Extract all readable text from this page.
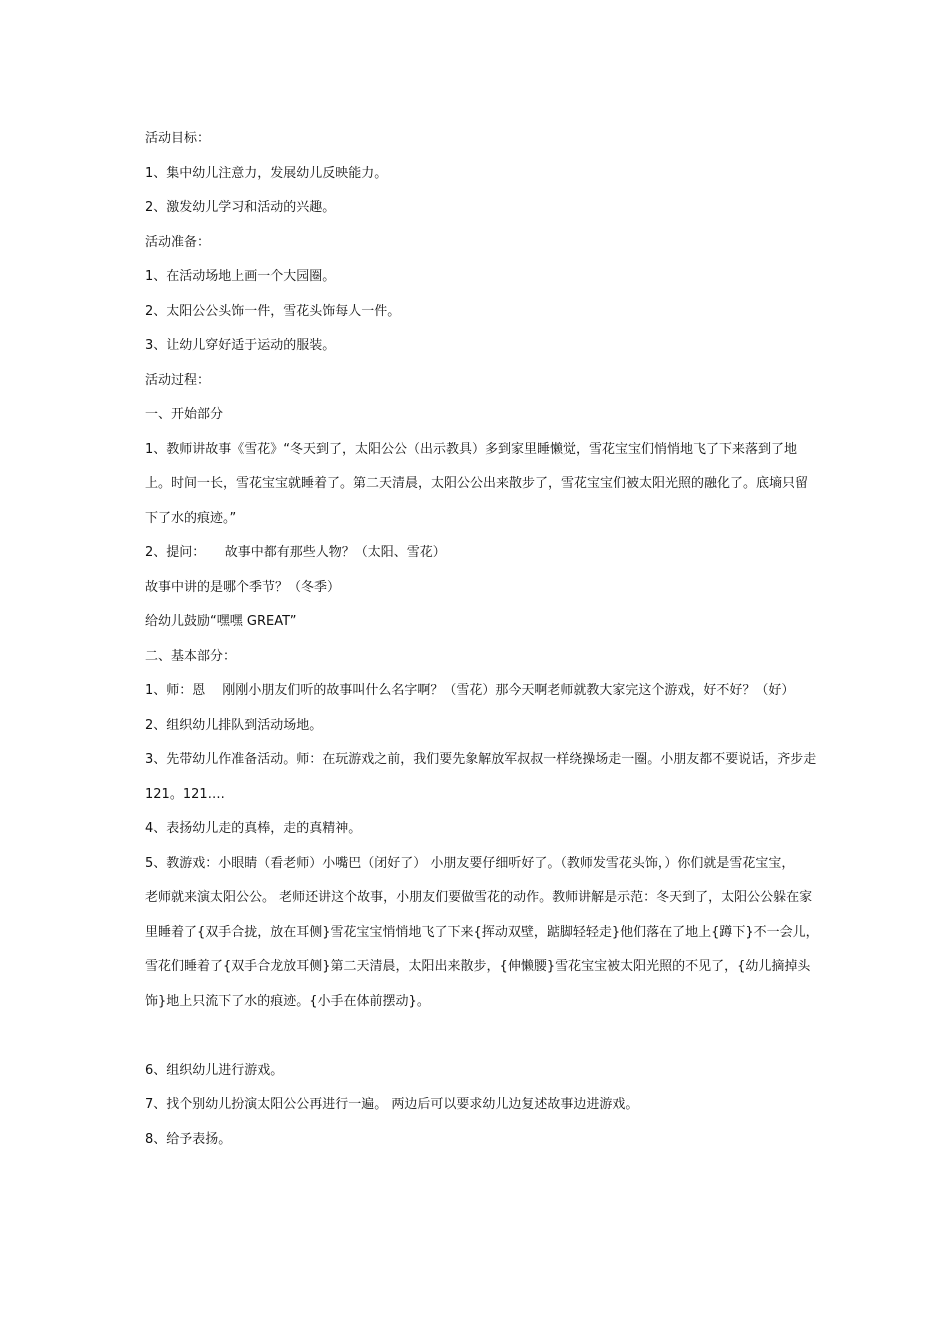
活动目标：

1、集中幼儿注意力，发展幼儿反映能力。

2、激发幼儿学习和活动的兴趣。

活动准备：

1、在活动场地上画一个大园圈。

2、太阳公公头饰一件，雪花头饰每人一件。

3、让幼儿穿好适于运动的服装。

活动过程：

一、开始部分

1、教师讲故事《雪花》“冬天到了，太阳公公（出示教具）多到家里睡懒觉，雪花宝宝们悄悄地飞了下来落到了地上。时间一长，雪花宝宝就睡着了。第二天清晨，太阳公公出来散步了，雪花宝宝们被太阳光照的融化了。底墒只留下了水的痕迹。”

2、提问：　　故事中都有那些人物？（太阳、雪花）

故事中讲的是哪个季节？（冬季）

给幼儿鼓励“嘿嘿 GREAT”

二、基本部分：

1、师：恩　 刚刚小朋友们听的故事叫什么名字啊？（雪花）那今天啊老师就教大家完这个游戏，好不好？（好）

2、组织幼儿排队到活动场地。

3、先带幼儿作准备活动。师：在玩游戏之前，我们要先象解放军叔叔一样绕操场走一圈。小朋友都不要说话，齐步走 121。121….

4、表扬幼儿走的真棒，走的真精神。

5、教游戏：小眼睛（看老师）小嘴巴（闭好了） 小朋友要仔细听好了。（教师发雪花头饰，）你们就是雪花宝宝，　　老师就来演太阳公公。 老师还讲这个故事，小朋友们要做雪花的动作。教师讲解是示范：冬天到了，太阳公公躲在家里睡着了{双手合拢，放在耳侧}雪花宝宝悄悄地飞了下来{挥动双壁，踮脚轻轻走}他们落在了地上{蹲下}不一会儿，雪花们睡着了{双手合龙放耳侧}第二天清晨，太阳出来散步，{伸懒腰}雪花宝宝被太阳光照的不见了，{幼儿摘掉头饰}地上只流下了水的痕迹。{小手在体前摆动}。

6、组织幼儿进行游戏。

7、找个别幼儿扮演太阳公公再进行一遍。 两边后可以要求幼儿边复述故事边进游戏。

8、给予表扬。
